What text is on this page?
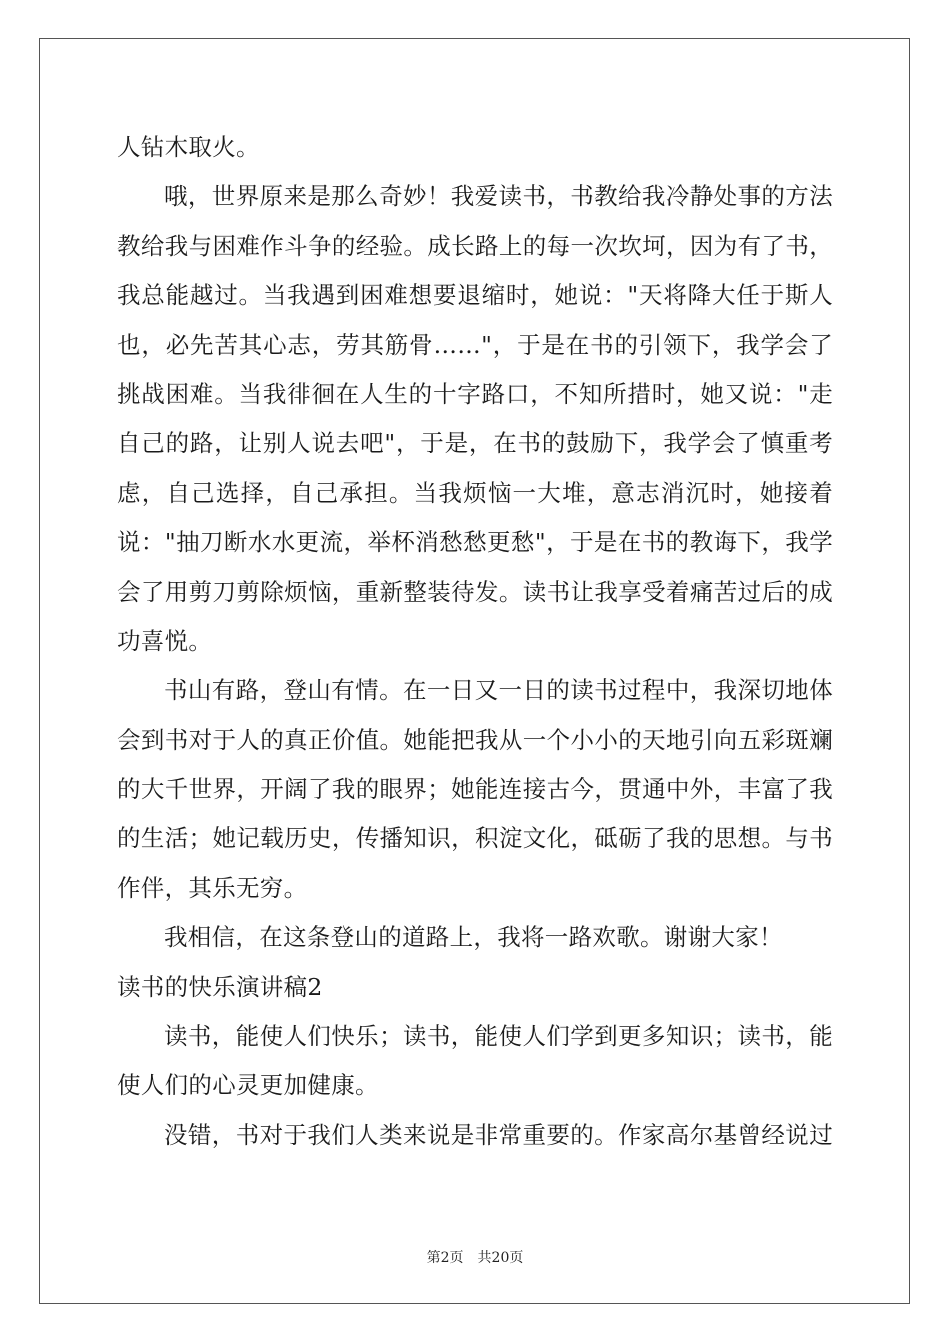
人钻木取火。
哦，世界原来是那么奇妙！我爱读书，书教给我冷静处事的方法
教给我与困难作斗争的经验。成长路上的每一次坎坷，因为有了书，
我总能越过。当我遇到困难想要退缩时，她说："天将降大任于斯人
也，必先苦其心志，劳其筋骨……"，于是在书的引领下，我学会了
挑战困难。当我徘徊在人生的十字路口，不知所措时，她又说："走
自己的路，让别人说去吧"，于是，在书的鼓励下，我学会了慎重考
虑，自己选择，自己承担。当我烦恼一大堆，意志消沉时，她接着
说："抽刀断水水更流，举杯消愁愁更愁"，于是在书的教诲下，我学
会了用剪刀剪除烦恼，重新整装待发。读书让我享受着痛苦过后的成
功喜悦。
书山有路，登山有情。在一日又一日的读书过程中，我深切地体
会到书对于人的真正价值。她能把我从一个小小的天地引向五彩斑斓
的大千世界，开阔了我的眼界；她能连接古今，贯通中外，丰富了我
的生活；她记载历史，传播知识，积淀文化，砥砺了我的思想。与书
作伴，其乐无穷。
我相信，在这条登山的道路上，我将一路欢歌。谢谢大家！
读书的快乐演讲稿2
读书，能使人们快乐；读书，能使人们学到更多知识；读书，能
使人们的心灵更加健康。
没错，书对于我们人类来说是非常重要的。作家高尔基曾经说过
第2页 共20页
